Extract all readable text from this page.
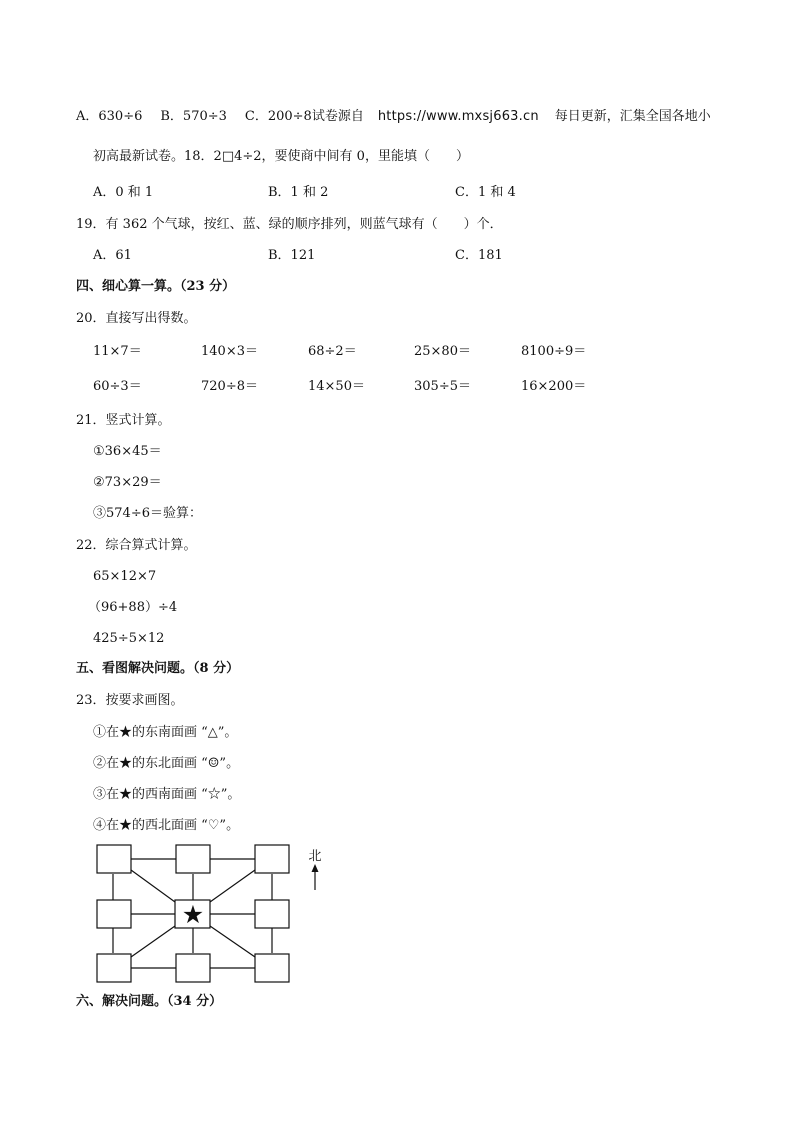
A．630÷6 B．570÷3 C．200÷8试卷源自 https://www.mxsj663.cn 每日更新，汇集全国各地小
初高最新试卷。18．2□4÷2，要使商中间有 0，里能填（　　）
A．0 和 1	B．1 和 2	C．1 和 4
19．有 362 个气球，按红、蓝、绿的顺序排列，则蓝气球有（　　）个．
A．61	B．121	C．181
四、细心算一算。（23 分）
20．直接写出得数。
11×7＝	140×3＝	68÷2＝	25×80＝	8100÷9＝
60÷3＝	720÷8＝	14×50＝	305÷5＝	16×200＝
21．竖式计算。
①36×45＝
②73×29＝
③574÷6＝验算：
22．综合算式计算。
65×12×7
（96+88）÷4
425÷5×12
五、看图解决问题。（8 分）
23．按要求画图。
①在★的东南面画 “△”。
②在★的东北面画 “☺”。
③在★的西南面画 “☆”。
④在★的西北面画 “♡”。
★
北
六、解决问题。（34 分）
